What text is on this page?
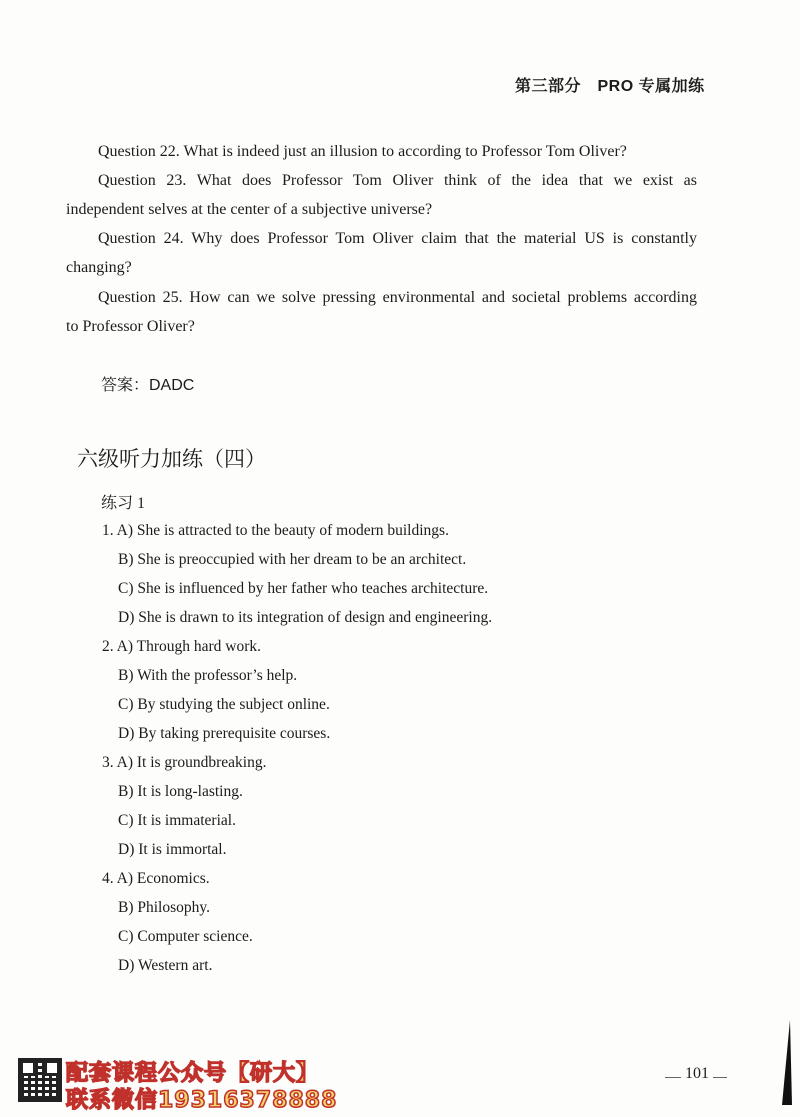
第三部分　PRO 专属加练
Question 22. What is indeed just an illusion to according to Professor Tom Oliver?
Question 23. What does Professor Tom Oliver think of the idea that we exist as
independent selves at the center of a subjective universe?
Question 24. Why does Professor Tom Oliver claim that the material US is constantly
changing?
Question 25. How can we solve pressing environmental and societal problems according
to Professor Oliver?
答案：DADC
六级听力加练（四）
练习 1
1. A) She is attracted to the beauty of modern buildings.
B) She is preoccupied with her dream to be an architect.
C) She is influenced by her father who teaches architecture.
D) She is drawn to its integration of design and engineering.
2. A) Through hard work.
B) With the professor’s help.
C) By studying the subject online.
D) By taking prerequisite courses.
3. A) It is groundbreaking.
B) It is long-lasting.
C) It is immaterial.
D) It is immortal.
4. A) Economics.
B) Philosophy.
C) Computer science.
D) Western art.
101
配套课程公众号【研大】
联系微信19316378888
